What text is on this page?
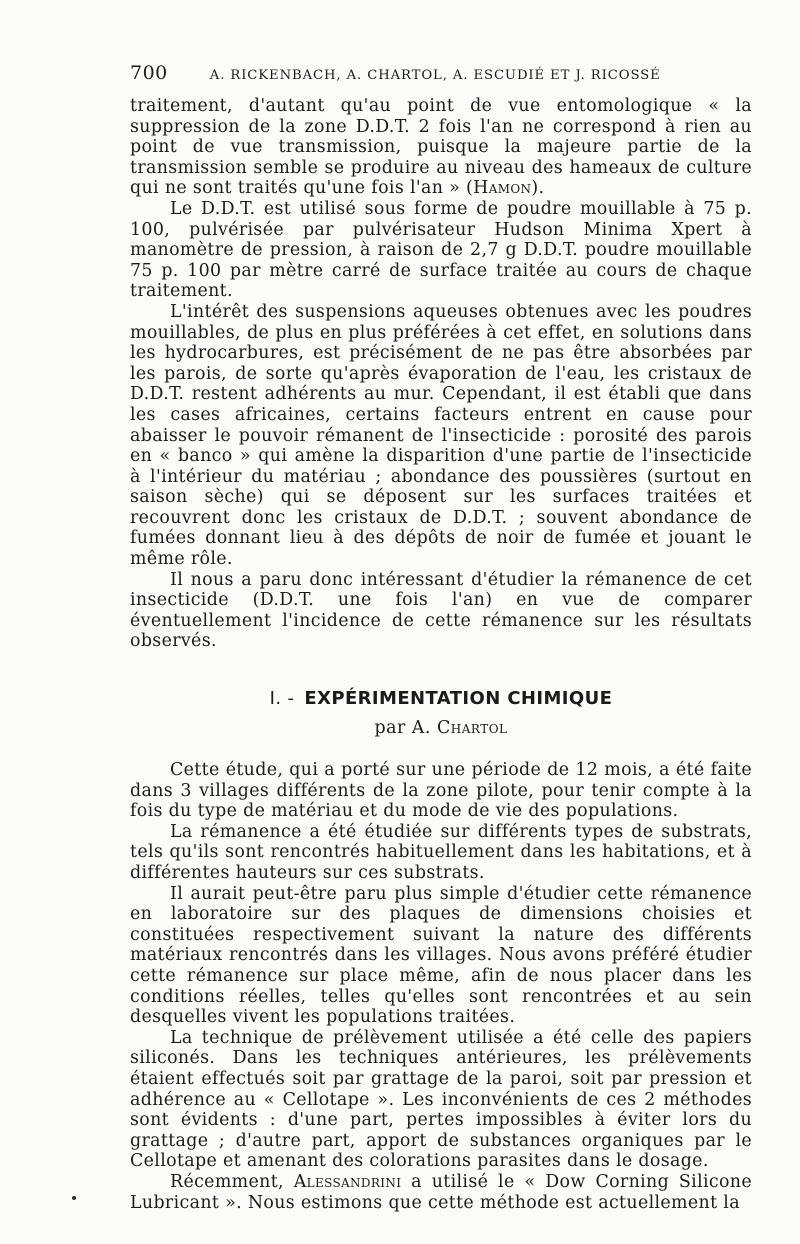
700	A. RICKENBACH, A. CHARTOL, A. ESCUDIÉ ET J. RICOSSÉ

traitement, d'autant qu'au point de vue entomologique « la suppression de la zone D.D.T. 2 fois l'an ne correspond à rien au point de vue transmission, puisque la majeure partie de la transmission semble se produire au niveau des hameaux de culture qui ne sont traités qu'une fois l'an » (Hamon).

Le D.D.T. est utilisé sous forme de poudre mouillable à 75 p. 100, pulvérisée par pulvérisateur Hudson Minima Xpert à manomètre de pression, à raison de 2,7 g D.D.T. poudre mouillable 75 p. 100 par mètre carré de surface traitée au cours de chaque traitement.

L'intérêt des suspensions aqueuses obtenues avec les poudres mouillables, de plus en plus préférées à cet effet, en solutions dans les hydrocarbures, est précisément de ne pas être absorbées par les parois, de sorte qu'après évaporation de l'eau, les cristaux de D.D.T. restent adhérents au mur. Cependant, il est établi que dans les cases africaines, certains facteurs entrent en cause pour abaisser le pouvoir rémanent de l'insecticide : porosité des parois en « banco » qui amène la disparition d'une partie de l'insecticide à l'intérieur du matériau ; abondance des poussières (surtout en saison sèche) qui se déposent sur les surfaces traitées et recouvrent donc les cristaux de D.D.T. ; souvent abondance de fumées donnant lieu à des dépôts de noir de fumée et jouant le même rôle.

Il nous a paru donc intéressant d'étudier la rémanence de cet insecticide (D.D.T. une fois l'an) en vue de comparer éventuellement l'incidence de cette rémanence sur les résultats observés.

I. - EXPÉRIMENTATION CHIMIQUE
par A. Chartol

Cette étude, qui a porté sur une période de 12 mois, a été faite dans 3 villages différents de la zone pilote, pour tenir compte à la fois du type de matériau et du mode de vie des populations.

La rémanence a été étudiée sur différents types de substrats, tels qu'ils sont rencontrés habituellement dans les habitations, et à différentes hauteurs sur ces substrats.

Il aurait peut-être paru plus simple d'étudier cette rémanence en laboratoire sur des plaques de dimensions choisies et constituées respectivement suivant la nature des différents matériaux rencontrés dans les villages. Nous avons préféré étudier cette rémanence sur place même, afin de nous placer dans les conditions réelles, telles qu'elles sont rencontrées et au sein desquelles vivent les populations traitées.

La technique de prélèvement utilisée a été celle des papiers siliconés. Dans les techniques antérieures, les prélèvements étaient effectués soit par grattage de la paroi, soit par pression et adhérence au « Cellotape ». Les inconvénients de ces 2 méthodes sont évidents : d'une part, pertes impossibles à éviter lors du grattage ; d'autre part, apport de substances organiques par le Cellotape et amenant des colorations parasites dans le dosage.

Récemment, Alessandrini a utilisé le « Dow Corning Silicone Lubricant ». Nous estimons que cette méthode est actuellement la
